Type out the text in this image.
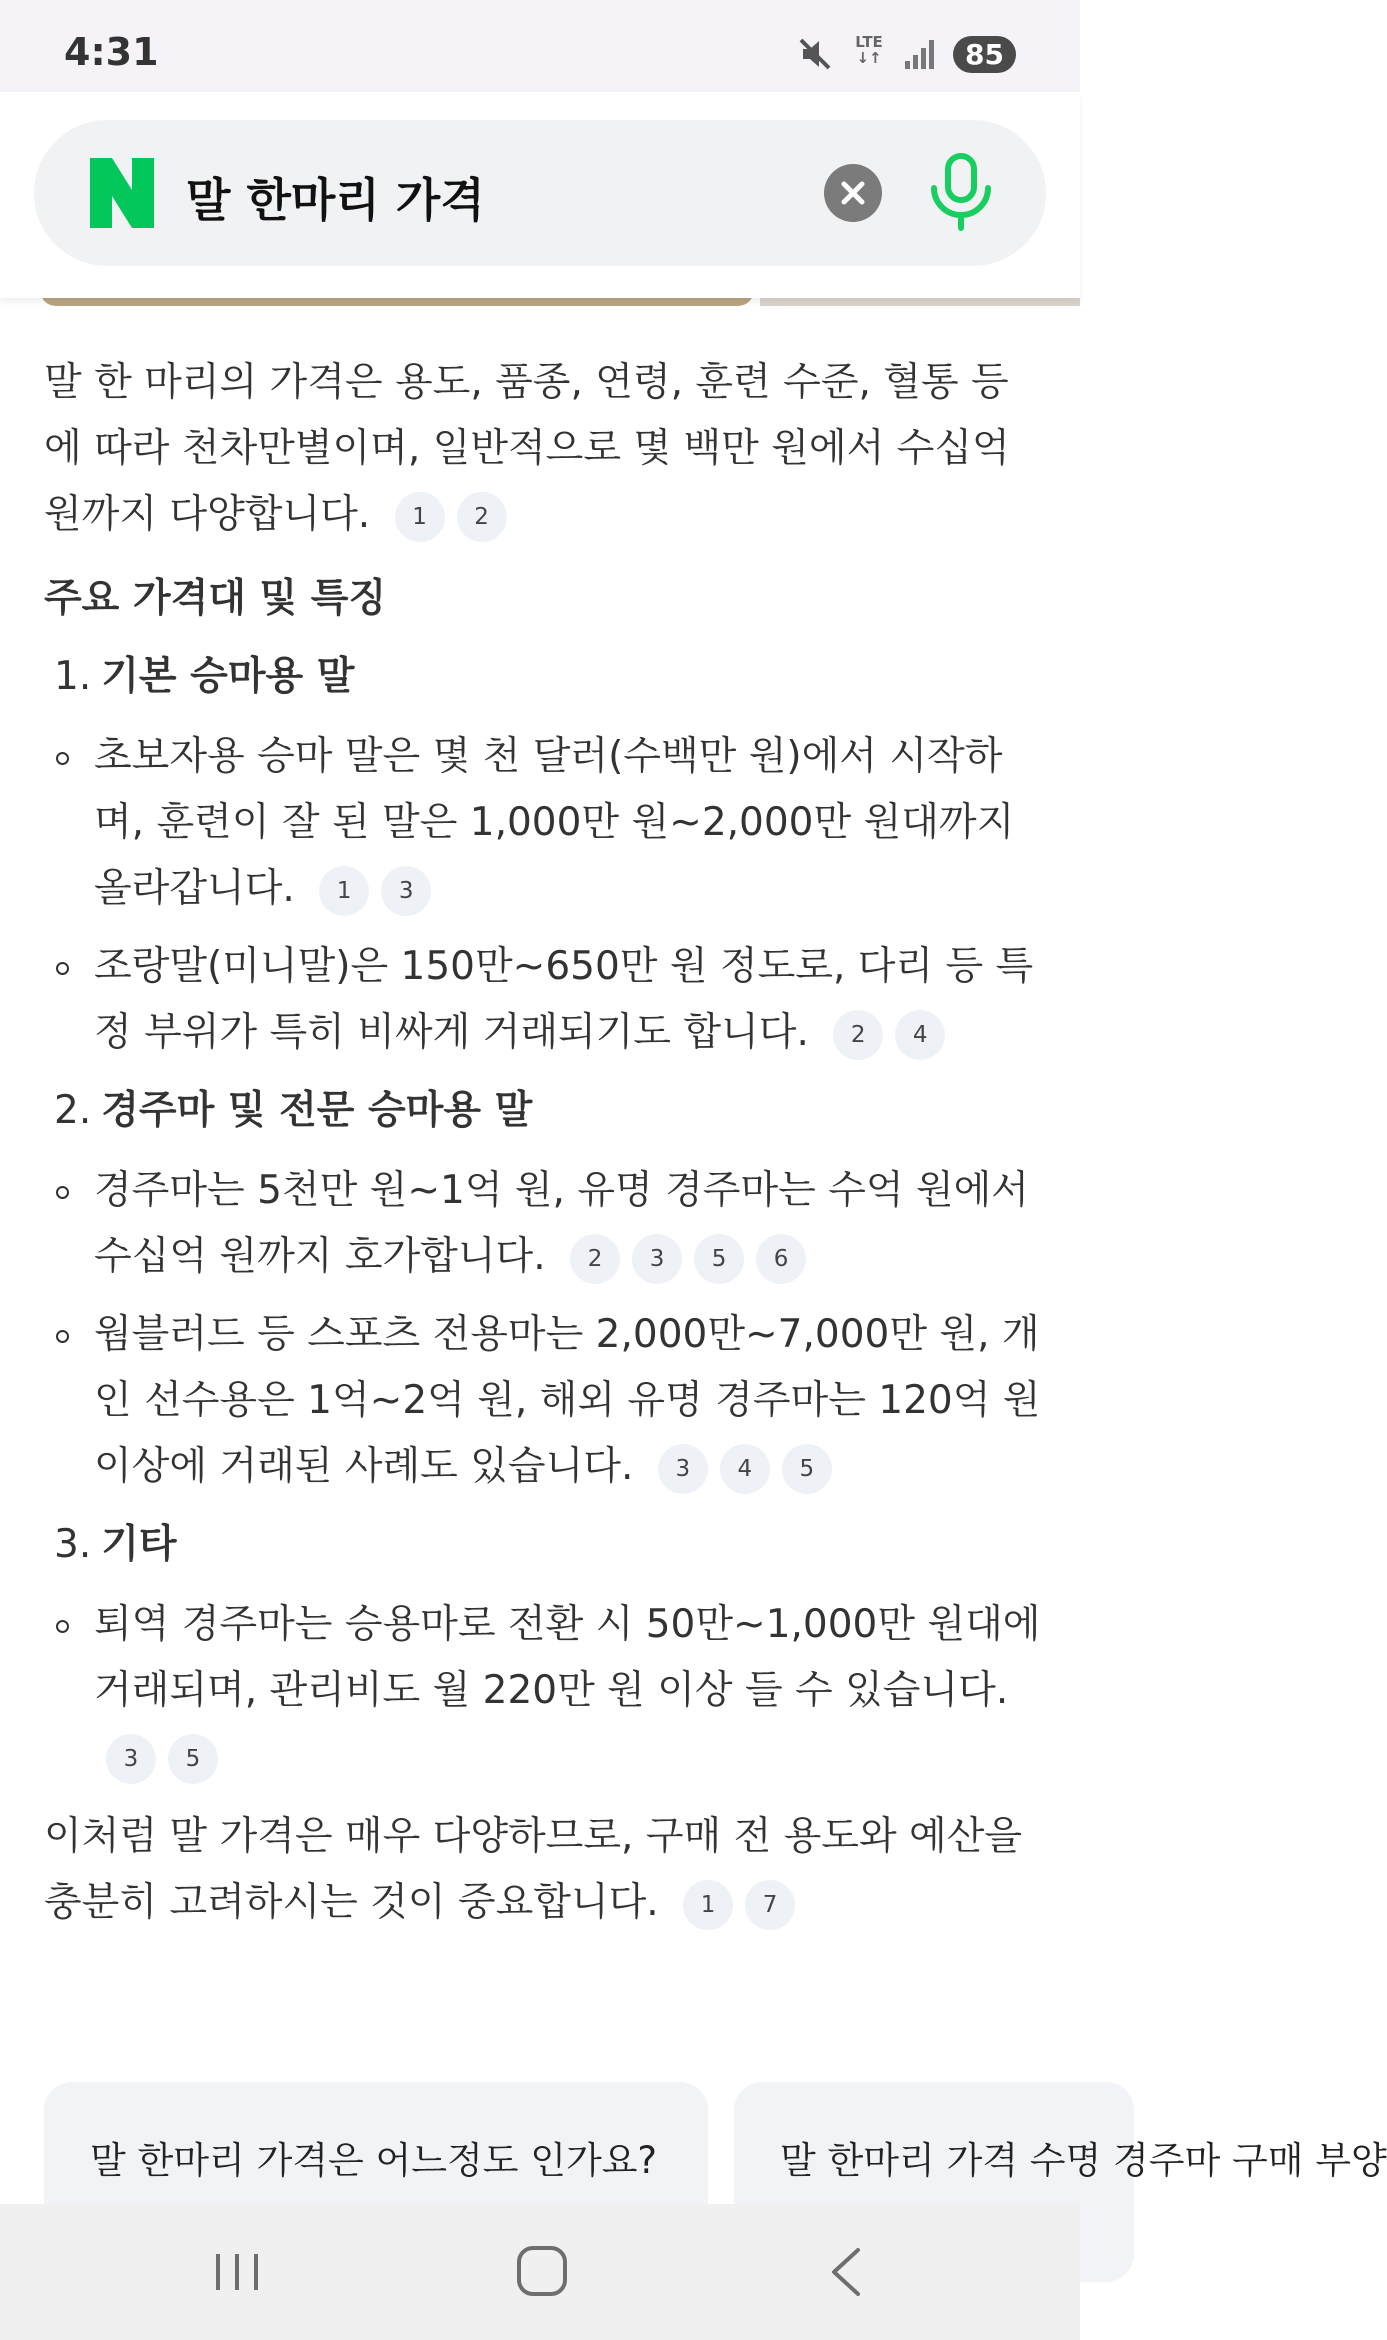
4:31	LTE
↓↑	85
말 한마리 가격

말 한 마리의 가격은 용도, 품종, 연령, 훈련 수준, 혈통 등에 따라 천차만별이며, 일반적으로 몇 백만 원에서 수십억 원까지 다양합니다. 1 2

주요 가격대 및 특징
1. 기본 승마용 말
초보자용 승마 말은 몇 천 달러(수백만 원)에서 시작하며, 훈련이 잘 된 말은 1,000만 원~2,000만 원대까지 올라갑니다. 1 3
조랑말(미니말)은 150만~650만 원 정도로, 다리 등 특정 부위가 특히 비싸게 거래되기도 합니다. 2 4
2. 경주마 및 전문 승마용 말
경주마는 5천만 원~1억 원, 유명 경주마는 수억 원에서 수십억 원까지 호가합니다. 2 3 5 6
웜블러드 등 스포츠 전용마는 2,000만~7,000만 원, 개인 선수용은 1억~2억 원, 해외 유명 경주마는 120억 원 이상에 거래된 사례도 있습니다. 3 4 5
3. 기타
퇴역 경주마는 승용마로 전환 시 50만~1,000만 원대에 거래되며, 관리비도 월 220만 원 이상 들 수 있습니다. 3 5

이처럼 말 가격은 매우 다양하므로, 구매 전 용도와 예산을 충분히 고려하시는 것이 중요합니다. 1 7

말 한마리 가격은 어느정도 인가요?	말 한마리 가격 수명 경주마 구매 부양
